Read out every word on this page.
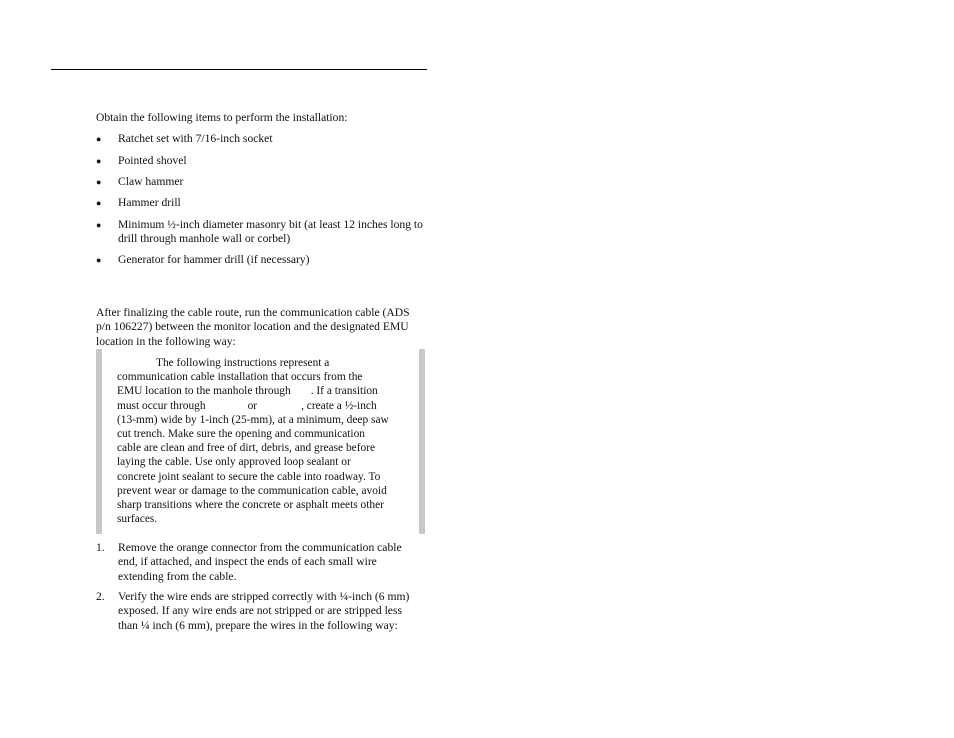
Obtain the following items to perform the installation:

●	Ratchet set with 7/16-inch socket
●	Pointed shovel
●	Claw hammer
●	Hammer drill
●	Minimum ½-inch diameter masonry bit (at least 12 inches long to drill through manhole wall or corbel)
●	Generator for hammer drill (if necessary)

After finalizing the cable route, run the communication cable (ADS p/n 106227) between the monitor location and the designated EMU location in the following way:

The following instructions represent a
communication cable installation that occurs from the
EMU location to the manhole through . If a transition
must occur through	or	, create a ½-inch
(13-mm) wide by 1-inch (25-mm), at a minimum, deep saw
cut trench. Make sure the opening and communication
cable are clean and free of dirt, debris, and grease before
laying the cable. Use only approved loop sealant or
concrete joint sealant to secure the cable into roadway. To
prevent wear or damage to the communication cable, avoid
sharp transitions where the concrete or asphalt meets other
surfaces.
1. Remove the orange connector from the communication cable end, if attached, and inspect the ends of each small wire extending from the cable.
2. Verify the wire ends are stripped correctly with ¼-inch (6 mm) exposed. If any wire ends are not stripped or are stripped less than ¼ inch (6 mm), prepare the wires in the following way:
